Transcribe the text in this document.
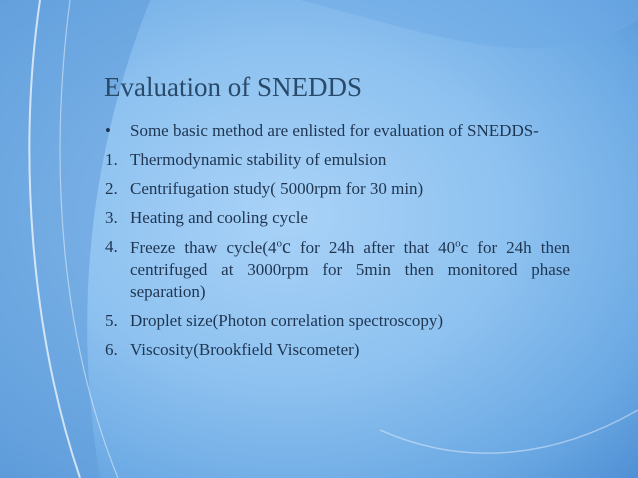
Evaluation of SNEDDS
• Some basic method are enlisted for evaluation of SNEDDS-
1. Thermodynamic stability of emulsion
2. Centrifugation study( 5000rpm for 30 min)
3. Heating and cooling cycle
4. Freeze thaw cycle(4$^o$c for 24h after that 40$^o$c for 24h then centrifuged at 3000rpm for 5min then monitored phase separation)
5. Droplet size(Photon correlation spectroscopy)
6. Viscosity(Brookfield Viscometer)
